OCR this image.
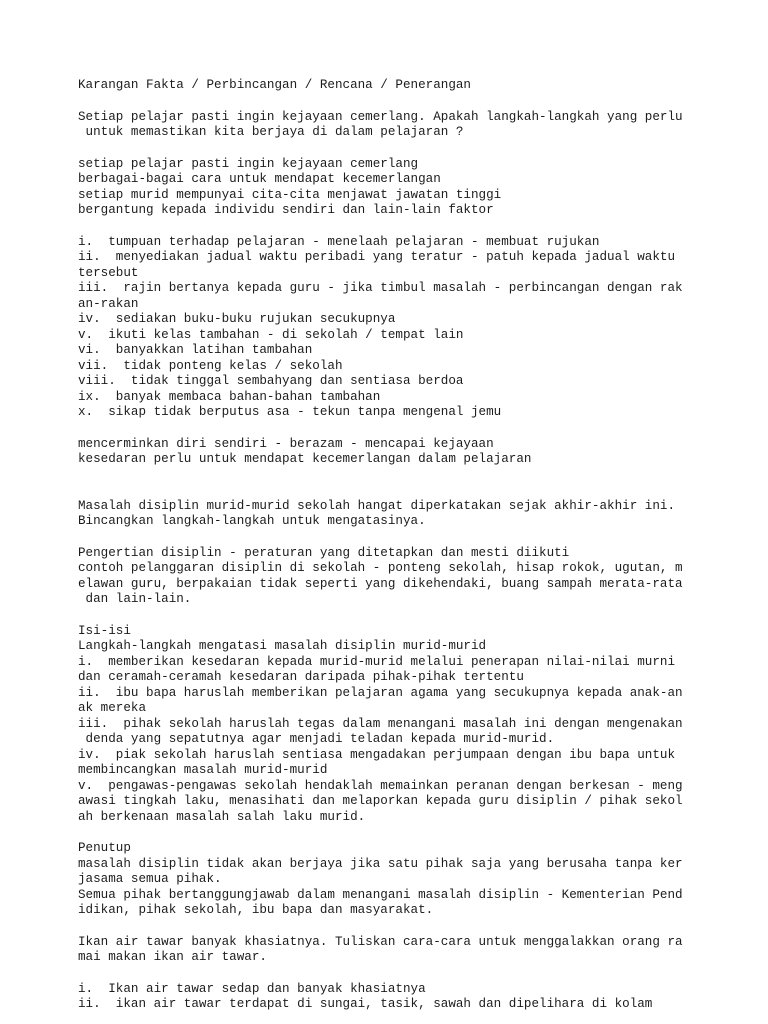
Karangan Fakta / Perbincangan / Rencana / Penerangan
Setiap pelajar pasti ingin kejayaan cemerlang. Apakah langkah-langkah yang perlu
untuk memastikan kita berjaya di dalam pelajaran ?
setiap pelajar pasti ingin kejayaan cemerlang
berbagai-bagai cara untuk mendapat kecemerlangan
setiap murid mempunyai cita-cita menjawat jawatan tinggi
bergantung kepada individu sendiri dan lain-lain faktor
i.  tumpuan terhadap pelajaran - menelaah pelajaran - membuat rujukan
ii.  menyediakan jadual waktu peribadi yang teratur - patuh kepada jadual waktu
tersebut
iii.  rajin bertanya kepada guru - jika timbul masalah - perbincangan dengan rak
an-rakan
iv.  sediakan buku-buku rujukan secukupnya
v.  ikuti kelas tambahan - di sekolah / tempat lain
vi.  banyakkan latihan tambahan
vii.  tidak ponteng kelas / sekolah
viii.  tidak tinggal sembahyang dan sentiasa berdoa
ix.  banyak membaca bahan-bahan tambahan
x.  sikap tidak berputus asa - tekun tanpa mengenal jemu
mencerminkan diri sendiri - berazam - mencapai kejayaan
kesedaran perlu untuk mendapat kecemerlangan dalam pelajaran
Masalah disiplin murid-murid sekolah hangat diperkatakan sejak akhir-akhir ini.
Bincangkan langkah-langkah untuk mengatasinya.
Pengertian disiplin - peraturan yang ditetapkan dan mesti diikuti
contoh pelanggaran disiplin di sekolah - ponteng sekolah, hisap rokok, ugutan, m
elawan guru, berpakaian tidak seperti yang dikehendaki, buang sampah merata-rata
dan lain-lain.
Isi-isi
Langkah-langkah mengatasi masalah disiplin murid-murid
i.  memberikan kesedaran kepada murid-murid melalui penerapan nilai-nilai murni
dan ceramah-ceramah kesedaran daripada pihak-pihak tertentu
ii.  ibu bapa haruslah memberikan pelajaran agama yang secukupnya kepada anak-an
ak mereka
iii.  pihak sekolah haruslah tegas dalam menangani masalah ini dengan mengenakan
denda yang sepatutnya agar menjadi teladan kepada murid-murid.
iv.  piak sekolah haruslah sentiasa mengadakan perjumpaan dengan ibu bapa untuk
membincangkan masalah murid-murid
v.  pengawas-pengawas sekolah hendaklah memainkan peranan dengan berkesan - meng
awasi tingkah laku, menasihati dan melaporkan kepada guru disiplin / pihak sekol
ah berkenaan masalah salah laku murid.
Penutup
masalah disiplin tidak akan berjaya jika satu pihak saja yang berusaha tanpa ker
jasama semua pihak.
Semua pihak bertanggungjawab dalam menangani masalah disiplin - Kementerian Pend
idikan, pihak sekolah, ibu bapa dan masyarakat.
Ikan air tawar banyak khasiatnya. Tuliskan cara-cara untuk menggalakkan orang ra
mai makan ikan air tawar.
i.  Ikan air tawar sedap dan banyak khasiatnya
ii.  ikan air tawar terdapat di sungai, tasik, sawah dan dipelihara di kolam
